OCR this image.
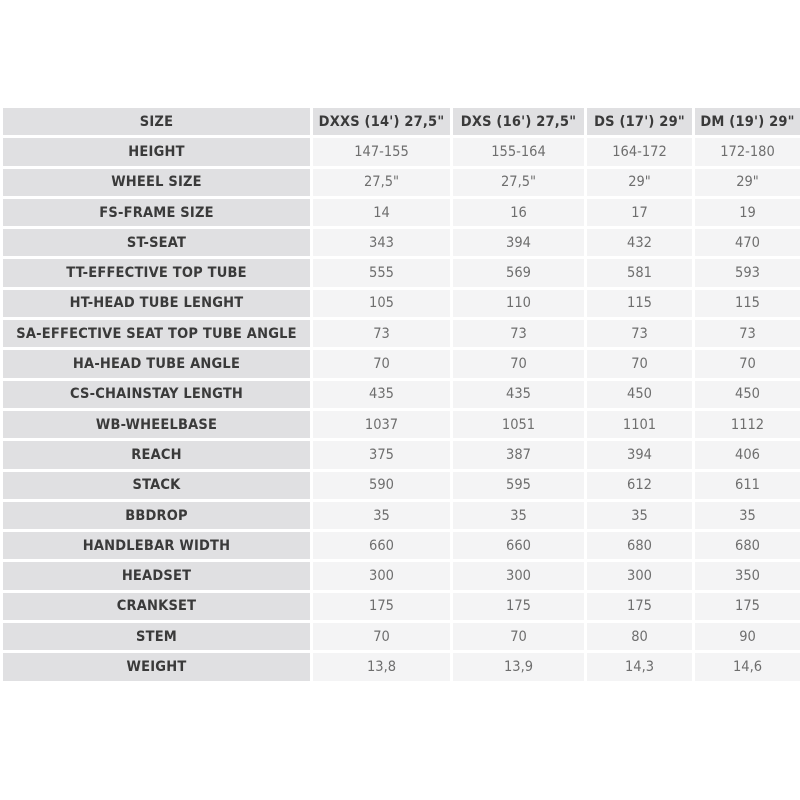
SIZE	DXXS (14') 27,5"	DXS (16') 27,5"	DS (17') 29"	DM (19') 29"
HEIGHT	147-155	155-164	164-172	172-180
WHEEL SIZE	27,5"	27,5"	29"	29"
FS-FRAME SIZE	14	16	17	19
ST-SEAT	343	394	432	470
TT-EFFECTIVE TOP TUBE	555	569	581	593
HT-HEAD TUBE LENGHT	105	110	115	115
SA-EFFECTIVE SEAT TOP TUBE ANGLE	73	73	73	73
HA-HEAD TUBE ANGLE	70	70	70	70
CS-CHAINSTAY LENGTH	435	435	450	450
WB-WHEELBASE	1037	1051	1101	1112
REACH	375	387	394	406
STACK	590	595	612	611
BBDROP	35	35	35	35
HANDLEBAR WIDTH	660	660	680	680
HEADSET	300	300	300	350
CRANKSET	175	175	175	175
STEM	70	70	80	90
WEIGHT	13,8	13,9	14,3	14,6
